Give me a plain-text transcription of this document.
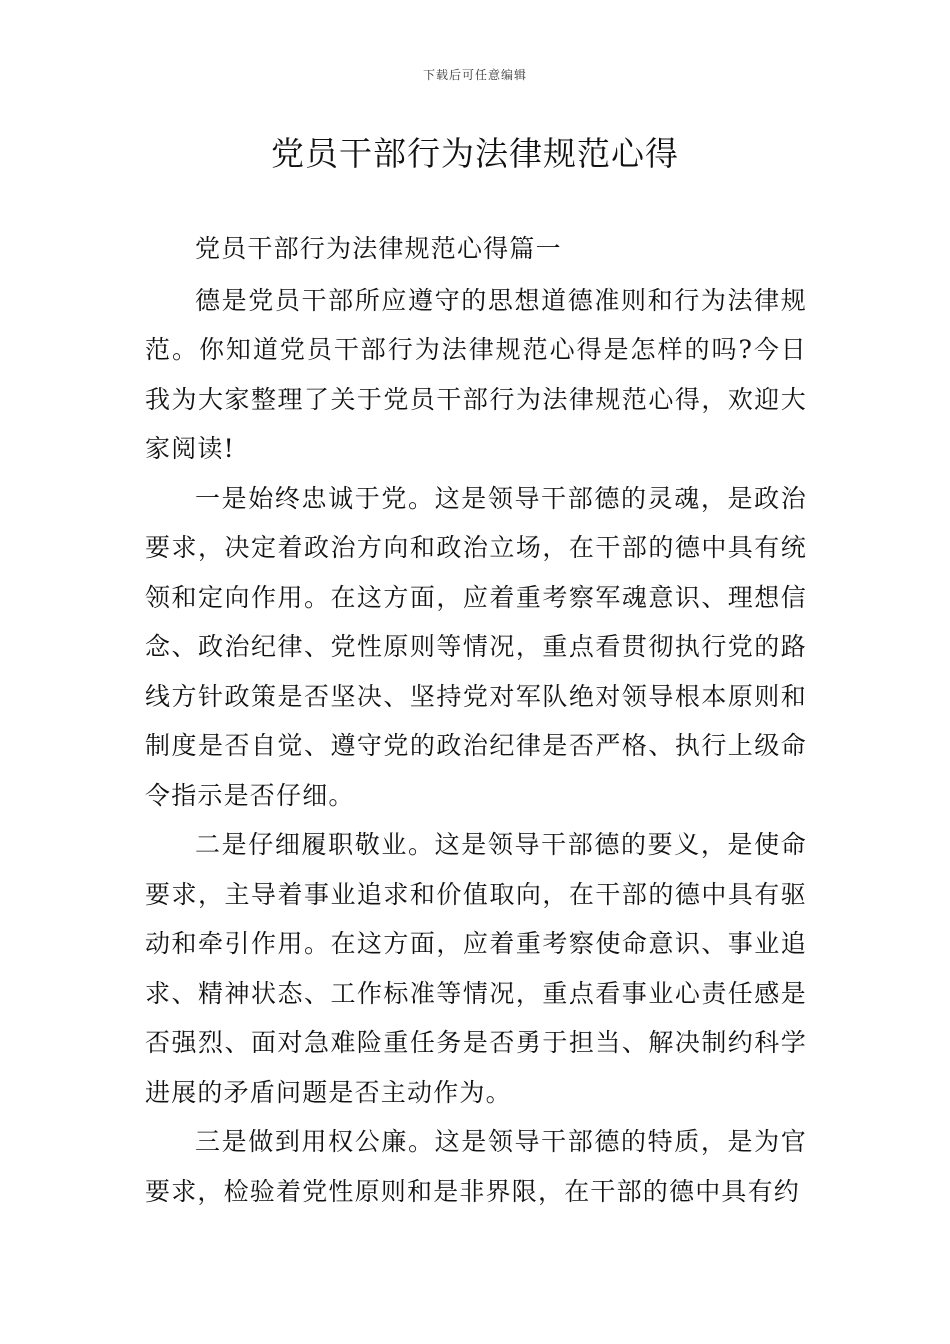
下载后可任意编辑
党员干部行为法律规范心得

党员干部行为法律规范心得篇一

德是党员干部所应遵守的思想道德准则和行为法律规范。你知道党员干部行为法律规范心得是怎样的吗?今日我为大家整理了关于党员干部行为法律规范心得，欢迎大家阅读!

一是始终忠诚于党。这是领导干部德的灵魂，是政治要求，决定着政治方向和政治立场，在干部的德中具有统领和定向作用。在这方面，应着重考察军魂意识、理想信念、政治纪律、党性原则等情况，重点看贯彻执行党的路线方针政策是否坚决、坚持党对军队绝对领导根本原则和制度是否自觉、遵守党的政治纪律是否严格、执行上级命令指示是否仔细。

二是仔细履职敬业。这是领导干部德的要义，是使命要求，主导着事业追求和价值取向，在干部的德中具有驱动和牵引作用。在这方面，应着重考察使命意识、事业追求、精神状态、工作标准等情况，重点看事业心责任感是否强烈、面对急难险重任务是否勇于担当、解决制约科学进展的矛盾问题是否主动作为。

三是做到用权公廉。这是领导干部德的特质，是为官要求，检验着党性原则和是非界限，在干部的德中具有约
